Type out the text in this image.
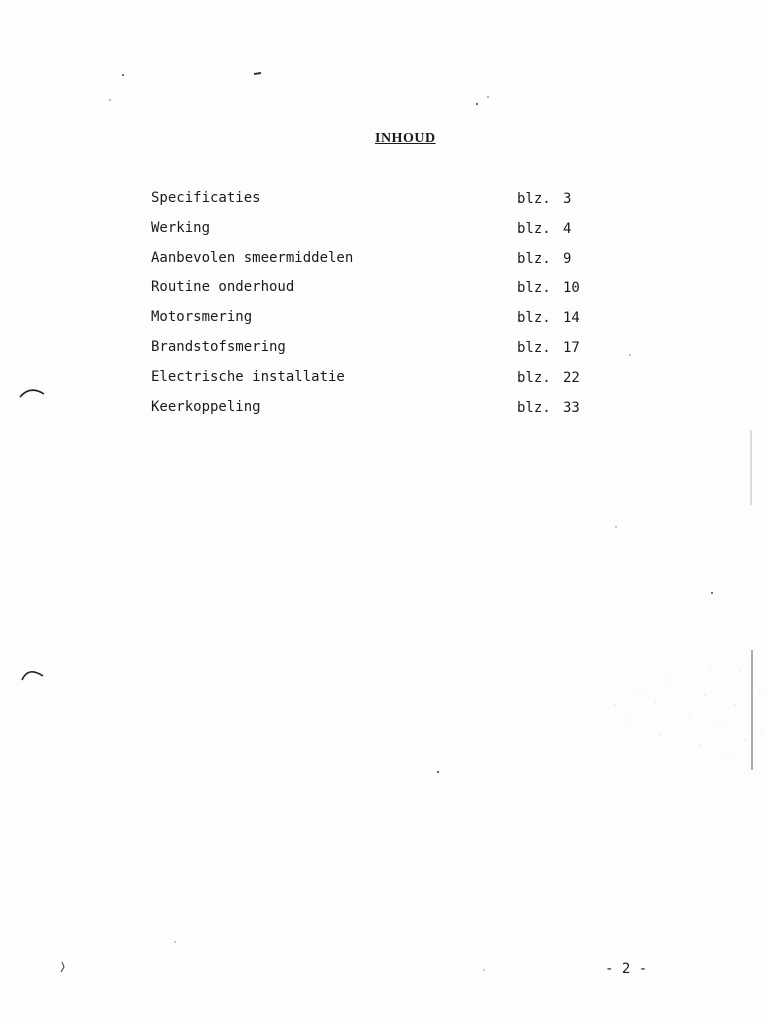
INHOUD
Specificaties	blz. 3
Werking	blz. 4
Aanbevolen smeermiddelen	blz. 9
Routine onderhoud	blz. 10
Motorsmering	blz. 14
Brandstofsmering	blz. 17
Electrische installatie	blz. 22
Keerkoppeling	blz. 33
- 2 -
